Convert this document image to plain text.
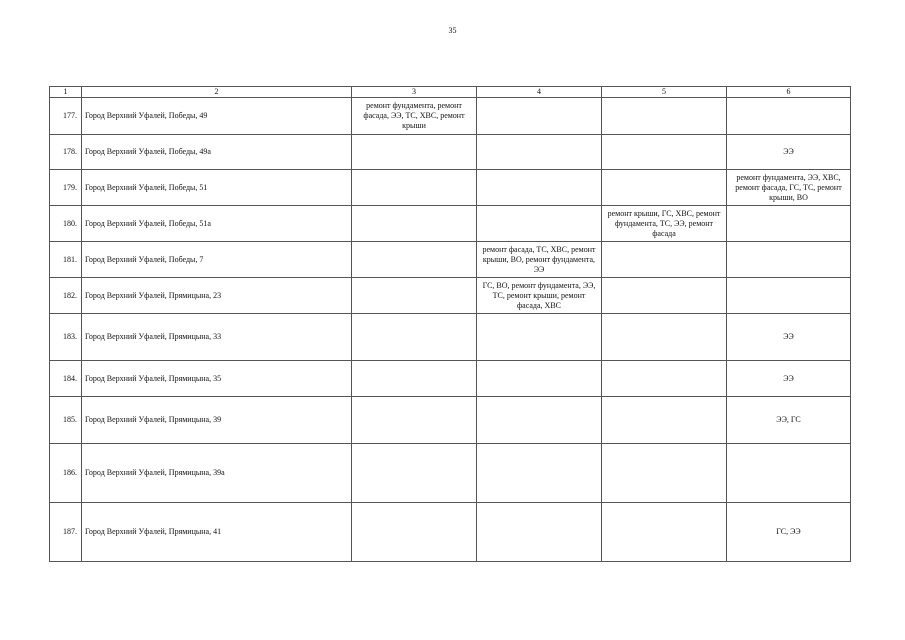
35
1	2	3	4	5	6
177.	Город Верхний Уфалей, Победы, 49	ремонт фундамента, ремонт фасада, ЭЭ, ТС, ХВС, ремонт крыши			
178.	Город Верхний Уфалей, Победы, 49а				ЭЭ
179.	Город Верхний Уфалей, Победы, 51				ремонт фундамента, ЭЭ, ХВС, ремонт фасада, ГС, ТС, ремонт крыши, ВО
180.	Город Верхний Уфалей, Победы, 51а			ремонт крыши, ГС, ХВС, ремонт фундамента, ТС, ЭЭ, ремонт фасада	
181.	Город Верхний Уфалей, Победы, 7		ремонт фасада, ТС, ХВС, ремонт крыши, ВО, ремонт фундамента, ЭЭ		
182.	Город Верхний Уфалей, Прямицына, 23		ГС, ВО, ремонт фундамента, ЭЭ, ТС, ремонт крыши, ремонт фасада, ХВС		
183.	Город Верхний Уфалей, Прямицына, 33				ЭЭ
184.	Город Верхний Уфалей, Прямицына, 35				ЭЭ
185.	Город Верхний Уфалей, Прямицына, 39				ЭЭ, ГС
186.	Город Верхний Уфалей, Прямицына, 39а				
187.	Город Верхний Уфалей, Прямицына, 41				ГС, ЭЭ
